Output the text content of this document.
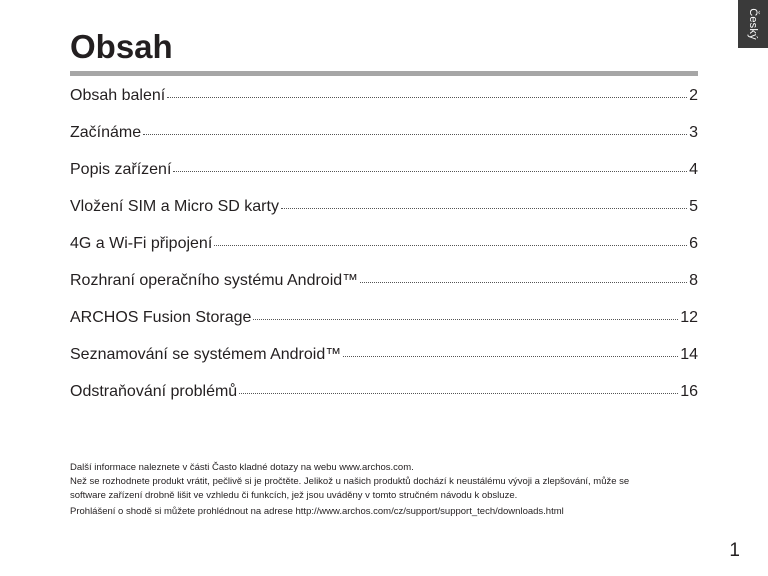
Český
Obsah
Obsah balení	2
Začínáme	3
Popis zařízení	4
Vložení SIM a Micro SD karty	5
4G a Wi-Fi připojení	6
Rozhraní operačního systému Android™	8
ARCHOS Fusion Storage	12
Seznamování se systémem Android™	14
Odstraňování problémů	16
Další informace naleznete v části Často kladné dotazy na webu www.archos.com.
Než se rozhodnete produkt vrátit, pečlivě si je pročtěte. Jelikož u našich produktů dochází k neustálému vývoji a zlepšování, může se
software zařízení drobně lišit ve vzhledu či funkcích, jež jsou uváděny v tomto stručném návodu k obsluze.
Prohlášení o shodě si můžete prohlédnout na adrese http://www.archos.com/cz/support/support_tech/downloads.html
1
